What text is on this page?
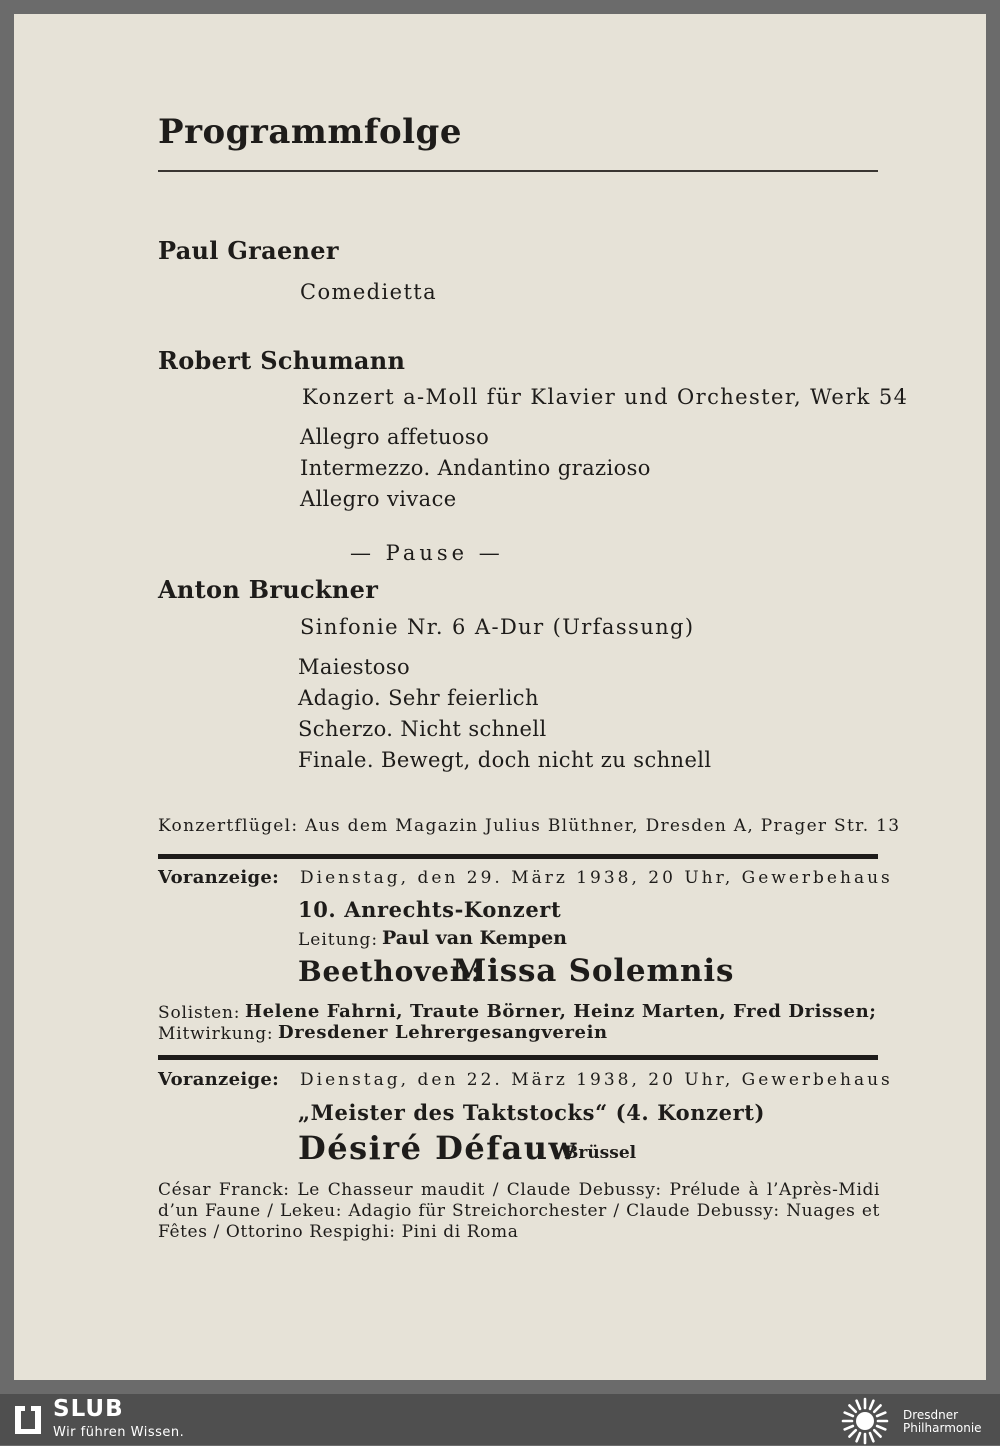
Programmfolge
Paul Graener
Comedietta
Robert Schumann
Konzert a-Moll für Klavier und Orchester, Werk 54
Allegro affetuoso
Intermezzo. Andantino grazioso
Allegro vivace
— Pause —
Anton Bruckner
Sinfonie Nr. 6 A-Dur (Urfassung)
Maiestoso
Adagio. Sehr feierlich
Scherzo. Nicht schnell
Finale. Bewegt, doch nicht zu schnell
Konzertflügel: Aus dem Magazin Julius Blüthner, Dresden A, Prager Str. 13
Voranzeige: Dienstag, den 29. März 1938, 20 Uhr, Gewerbehaus
10. Anrechts-Konzert
Leitung: Paul van Kempen
Beethoven:
Missa Solemnis
Solisten: Helene Fahrni, Traute Börner, Heinz Marten, Fred Drissen;
Mitwirkung: Dresdener Lehrergesangverein
Voranzeige: Dienstag, den 22. März 1938, 20 Uhr, Gewerbehaus
„Meister des Taktstocks“ (4. Konzert)
Désiré Défauw
Brüssel
César Franck: Le Chasseur maudit / Claude Debussy: Prélude à l’Après-Midi d’un Faune / Lekeu: Adagio für Streichorchester / Claude Debussy: Nuages et Fêtes / Ottorino Respighi: Pini di Roma
SLUB
Wir führen Wissen.
Dresdner
Philharmonie
